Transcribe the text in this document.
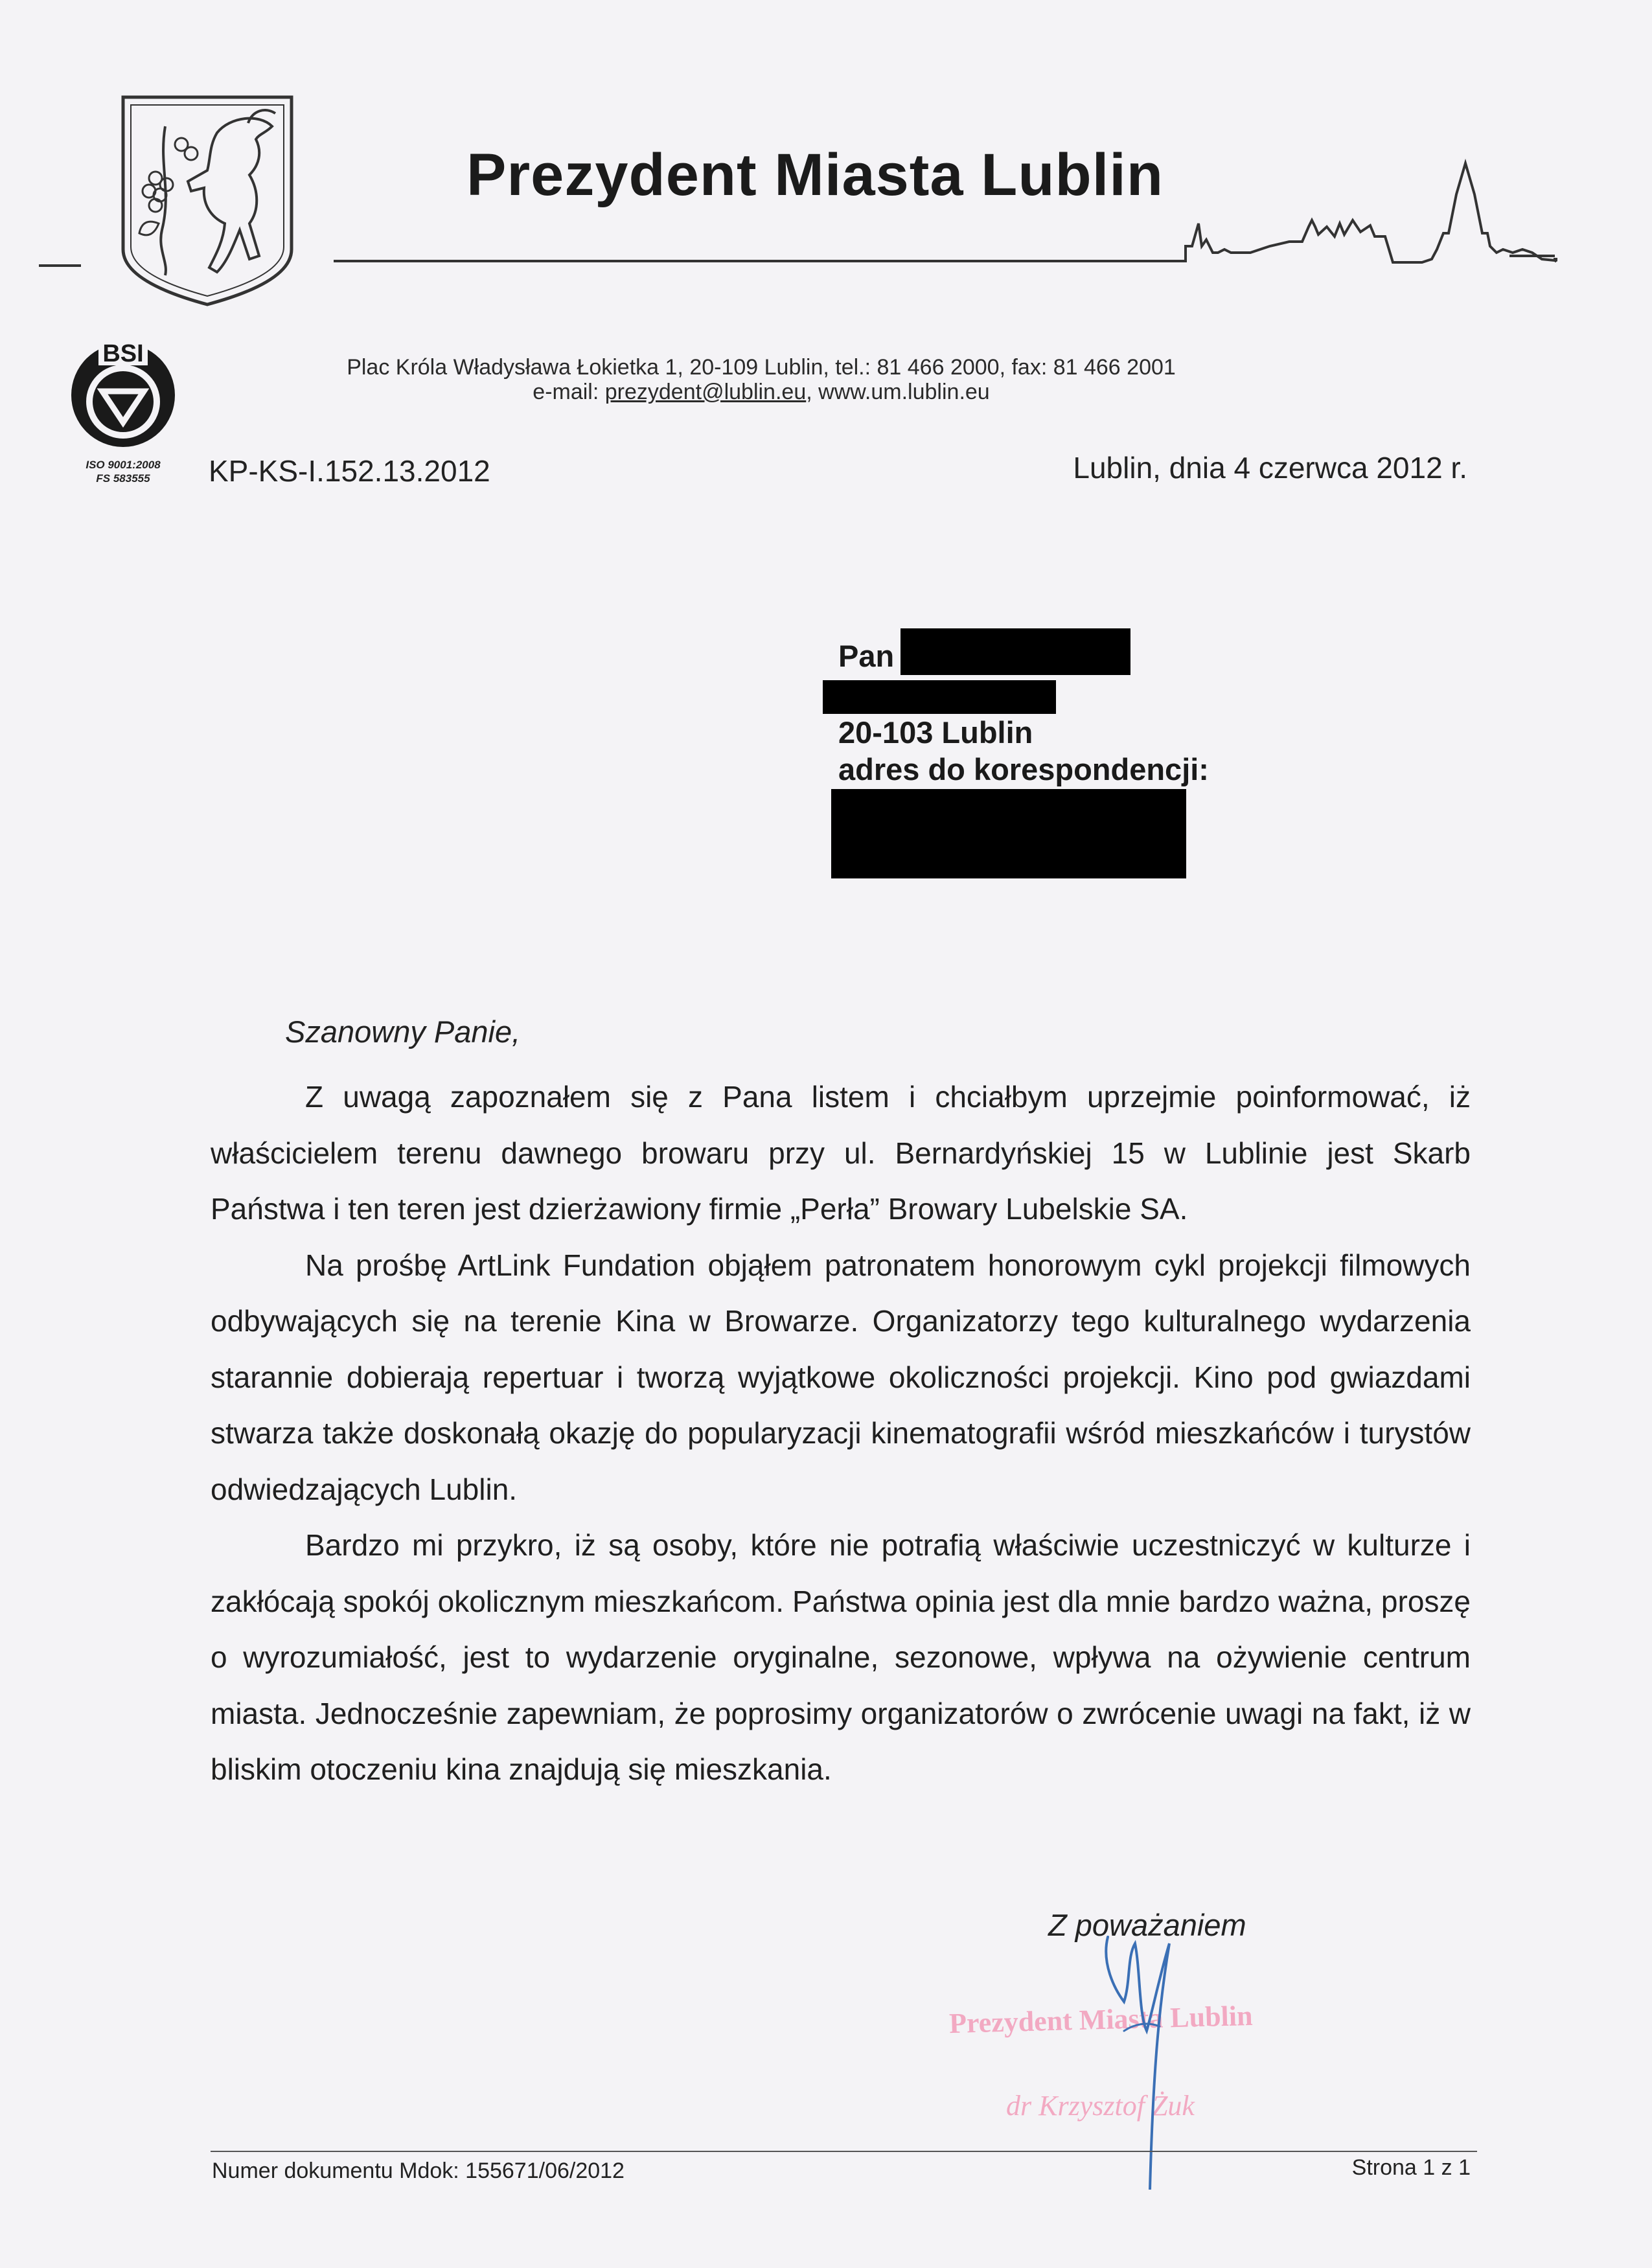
Prezydent Miasta Lublin
BSI
ISO 9001:2008
FS 583555
Plac Króla Władysława Łokietka 1, 20-109 Lublin, tel.: 81 466 2000, fax: 81 466 2001
e-mail: prezydent@lublin.eu, www.um.lublin.eu
KP-KS-I.152.13.2012	Lublin, dnia 4 czerwca 2012 r.
Pan
20-103 Lublin
adres do korespondencji:
Szanowny Panie,

Z uwagą zapoznałem się z Pana listem i chciałbym uprzejmie poinformować, iż właścicielem terenu dawnego browaru przy ul. Bernardyńskiej 15 w Lublinie jest Skarb Państwa i ten teren jest dzierżawiony firmie „Perła” Browary Lubelskie SA.

Na prośbę ArtLink Fundation objąłem patronatem honorowym cykl projekcji filmowych odbywających się na terenie Kina w Browarze. Organizatorzy tego kulturalnego wydarzenia starannie dobierają repertuar i tworzą wyjątkowe okoliczności projekcji. Kino pod gwiazdami stwarza także doskonałą okazję do popularyzacji kinematografii wśród mieszkańców i turystów odwiedzających Lublin.

Bardzo mi przykro, iż są osoby, które nie potrafią właściwie uczestniczyć w kulturze i zakłócają spokój okolicznym mieszkańcom. Państwa opinia jest dla mnie bardzo ważna, proszę o wyrozumiałość, jest to wydarzenie oryginalne, sezonowe, wpływa na ożywienie centrum miasta. Jednocześnie zapewniam, że poprosimy organizatorów o zwrócenie uwagi na fakt, iż w bliskim otoczeniu kina znajdują się mieszkania.

Z poważaniem
Prezydent Miasta Lublin
dr Krzysztof Żuk
Numer dokumentu Mdok: 155671/06/2012	Strona 1 z 1
